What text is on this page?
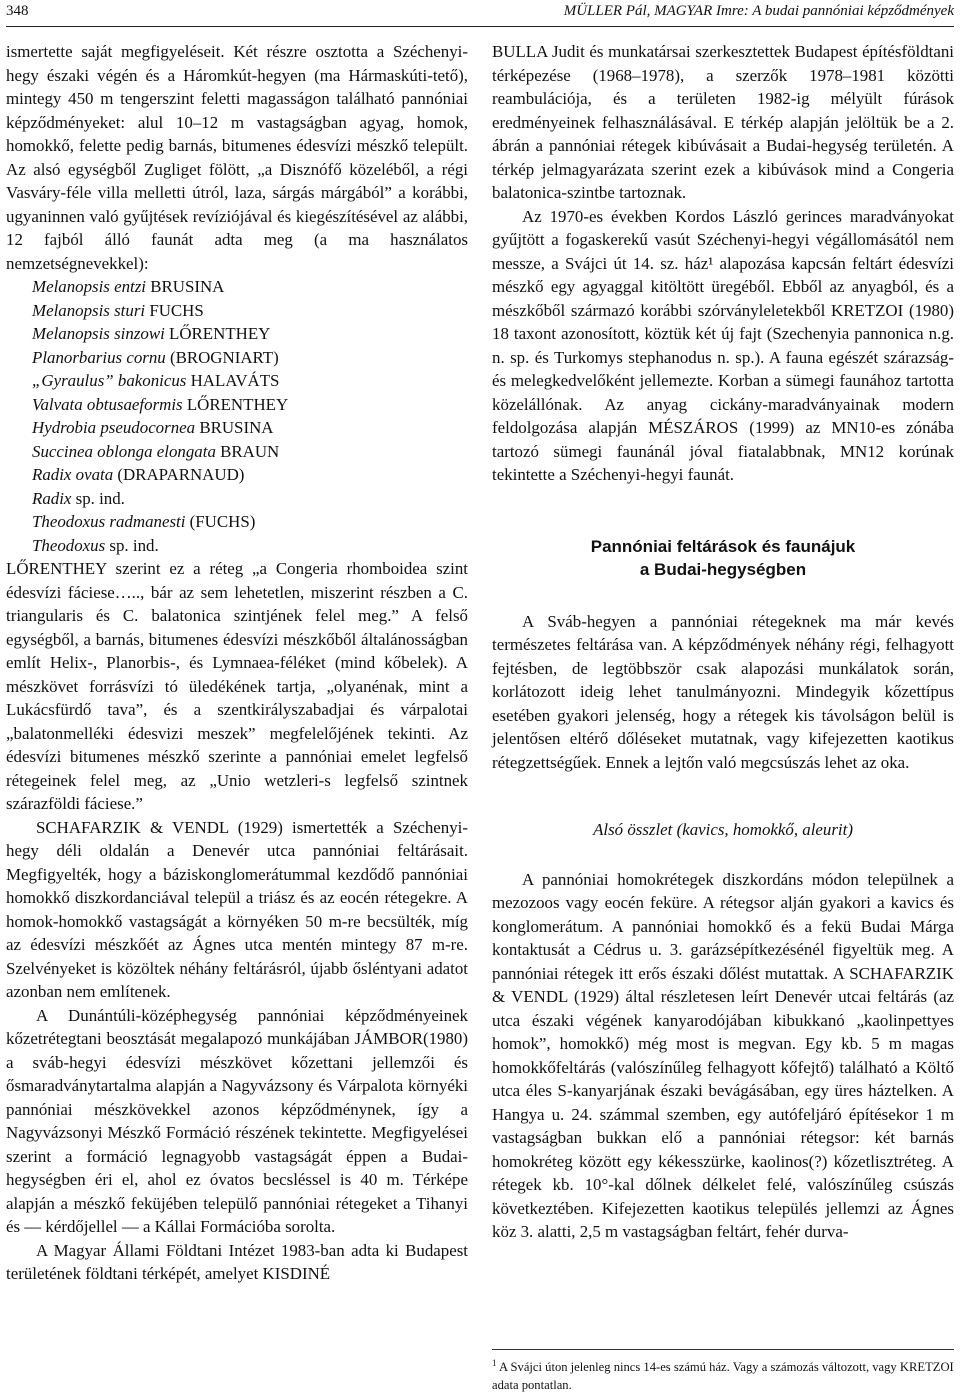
348	MÜLLER Pál, MAGYAR Imre: A budai pannóniai képződmények

ismertette saját megfigyeléseit. Két részre osztotta a Széchenyi-hegy északi végén és a Háromkút-hegyen (ma Hármaskúti-tető), mintegy 450 m tengerszint feletti magasságon található pannóniai képződményeket: alul 10–12 m vastagságban agyag, homok, homokkő, felette pedig barnás, bitumenes édesvízi mészkő települt. Az alsó egységből Zugliget fölött, „a Disznófő közeléből, a régi Vasváry-féle villa melletti útról, laza, sárgás márgából” a korábbi, ugyaninnen való gyűjtések revíziójával és kiegészítésével az alábbi, 12 fajból álló faunát adta meg (a ma használatos nemzetségnevekkel):

Melanopsis entzi BRUSINA
Melanopsis sturi FUCHS
Melanopsis sinzowi LŐRENTHEY
Planorbarius cornu (BROGNIART)
„Gyraulus” bakonicus HALAVÁTS
Valvata obtusaeformis LŐRENTHEY
Hydrobia pseudocornea BRUSINA
Succinea oblonga elongata BRAUN
Radix ovata (DRAPARNAUD)
Radix sp. ind.
Theodoxus radmanesti (FUCHS)
Theodoxus sp. ind.

LŐRENTHEY szerint ez a réteg „a Congeria rhomboidea szint édesvízi fáciese….., bár az sem lehetetlen, miszerint részben a C. triangularis és C. balatonica szintjének felel meg.” A felső egységből, a barnás, bitumenes édesvízi mészkőből általánosságban említ Helix-, Planorbis-, és Lymnaea-féléket (mind kőbelek). A mészkövet forrásvízi tó üledékének tartja, „olyanénak, mint a Lukácsfürdő tava”, és a szentkirályszabadjai és várpalotai „balatonmelléki édesvizi meszek” megfelelőjének tekinti. Az édesvízi bitumenes mészkő szerinte a pannóniai emelet legfelső rétegeinek felel meg, az „Unio wetzleri-s legfelső szintnek szárazföldi fáciese.”

SCHAFARZIK & VENDL (1929) ismertették a Széchenyi-hegy déli oldalán a Denevér utca pannóniai feltárásait. Megfigyelték, hogy a báziskonglomerátummal kezdődő pannóniai homokkő diszkordanciával települ a triász és az eocén rétegekre. A homok-homokkő vastagságát a környéken 50 m-re becsülték, míg az édesvízi mészkőét az Ágnes utca mentén mintegy 87 m-re. Szelvényeket is közöltek néhány feltárásról, újabb ősléntyani adatot azonban nem említenek.

A Dunántúli-középhegység pannóniai képződményeinek kőzetrétegtani beosztását megalapozó munkájában JÁMBOR(1980) a sváb-hegyi édesvízi mészkövet kőzettani jellemzői és ősmaradványtartalma alapján a Nagyvázsony és Várpalota környéki pannóniai mészkövekkel azonos képződménynek, így a Nagyvázsonyi Mészkő Formáció részének tekintette. Megfigyelései szerint a formáció legnagyobb vastagságát éppen a Budai-hegységben éri el, ahol ez óvatos becsléssel is 40 m. Térképe alapján a mészkő feküjében települő pannóniai rétegeket a Tihanyi és — kérdőjellel — a Kállai Formációba sorolta.

A Magyar Állami Földtani Intézet 1983-ban adta ki Budapest területének földtani térképét, amelyet KISDINÉ

BULLA Judit és munkatársai szerkesztettek Budapest építésföldtani térképezése (1968–1978), a szerzők 1978–1981 közötti reambulációja, és a területen 1982-ig mélyült fúrások eredményeinek felhasználásával. E térkép alapján jelöltük be a 2. ábrán a pannóniai rétegek kibúvásait a Budai-hegység területén. A térkép jelmagyarázata szerint ezek a kibúvások mind a Congeria balatonica-szintbe tartoznak.

Az 1970-es években Kordos László gerinces maradványokat gyűjtött a fogaskerekű vasút Széchenyi-hegyi végállomásától nem messze, a Svájci út 14. sz. ház¹ alapozása kapcsán feltárt édesvízi mészkő egy agyaggal kitöltött üregéből. Ebből az anyagból, és a mészkőből származó korábbi szórványleletekből KRETZOI (1980) 18 taxont azonosított, köztük két új fajt (Szechenyia pannonica n.g. n. sp. és Turkomys stephanodus n. sp.). A fauna egészét szárazság- és melegkedvelőként jellemezte. Korban a sümegi faunához tartotta közelállónak. Az anyag cickány-maradványainak modern feldolgozása alapján MÉSZÁROS (1999) az MN10-es zónába tartozó sümegi faunánál jóval fiatalabbnak, MN12 korúnak tekintette a Széchenyi-hegyi faunát.

Pannóniai feltárások és faunájuk
a Budai-hegységben

A Sváb-hegyen a pannóniai rétegeknek ma már kevés természetes feltárása van. A képződmények néhány régi, felhagyott fejtésben, de legtöbbször csak alapozási munkálatok során, korlátozott ideig lehet tanulmányozni. Mindegyik kőzettípus esetében gyakori jelenség, hogy a rétegek kis távolságon belül is jelentősen eltérő dőléseket mutatnak, vagy kifejezetten kaotikus rétegzettségűek. Ennek a lejtőn való megcsúszás lehet az oka.

Alsó összlet (kavics, homokkő, aleurit)

A pannóniai homokrétegek diszkordáns módon települnek a mezozoos vagy eocén feküre. A rétegsor alján gyakori a kavics és konglomerátum. A pannóniai homokkő és a fekü Budai Márga kontaktusát a Cédrus u. 3. garázsépítkezésénél figyeltük meg. A pannóniai rétegek itt erős északi dőlést mutattak. A SCHAFARZIK & VENDL (1929) által részletesen leírt Denevér utcai feltárás (az utca északi végének kanyarodójában kibukkanó „kaolinpettyes homok”, homokkő) még most is megvan. Egy kb. 5 m magas homokkőfeltárás (valószínűleg felhagyott kőfejtő) található a Költő utca éles S-kanyarjának északi bevágásában, egy üres háztelken. A Hangya u. 24. számmal szemben, egy autófeljáró építésekor 1 m vastagságban bukkan elő a pannóniai rétegsor: két barnás homokréteg között egy kékesszürke, kaolinos(?) kőzetlisztréteg. A rétegek kb. 10°-kal dőlnek délkelet felé, valószínűleg csúszás következtében. Kifejezetten kaotikus település jellemzi az Ágnes köz 3. alatti, 2,5 m vastagságban feltárt, fehér durva-

$^1$ A Svájci úton jelenleg nincs 14-es számú ház. Vagy a számozás változott, vagy KRETZOI adata pontatlan.
